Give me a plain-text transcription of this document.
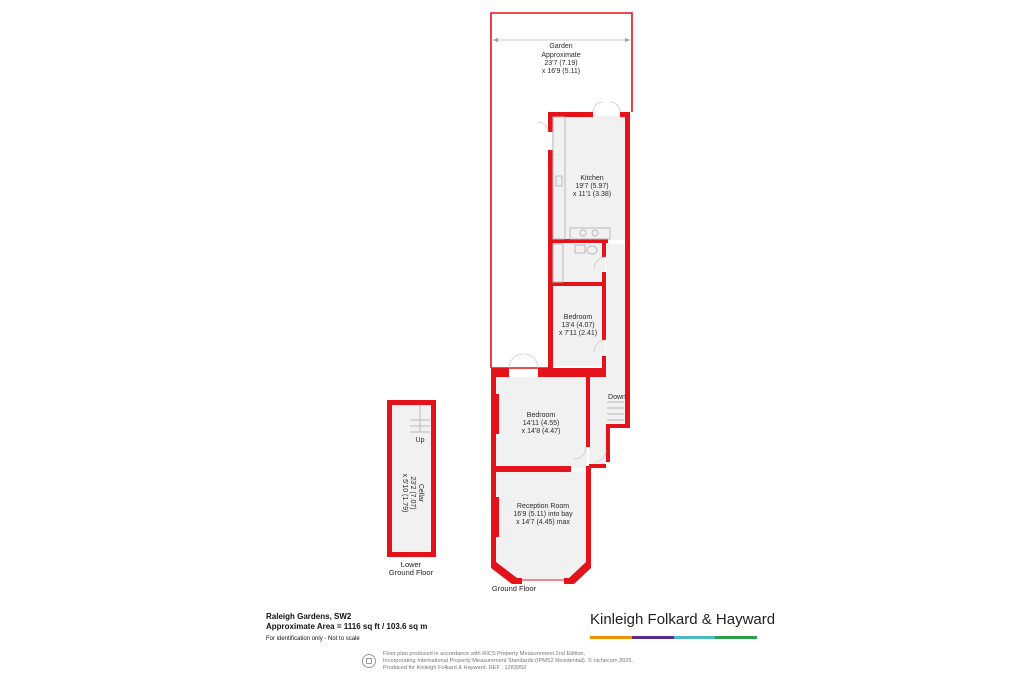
Garden
Approximate
23'7 (7.19)
x 16'9 (5.11)
Kitchen
19'7 (5.97)
x 11'1 (3.38)
Bedroom
13'4 (4.07)
x 7'11 (2.41)
Bedroom
14'11 (4.55)
x 14'8 (4.47)
Reception Room
16'9 (5.11) into bay
x 14'7 (4.45) max
Cellar
23'2 (7.07)
x 5'10 (1.79)
Down
Up
Lower
Ground Floor
Ground Floor
Raleigh Gardens, SW2
Approximate Area = 1116 sq ft / 103.6 sq m
For identification only - Not to scale
Kinleigh Folkard & Hayward
Floor plan produced in accordance with RICS Property Measurement 2nd Edition,
Incorporating International Property Measurement Standards (IPMS2 Residential). © nichecom 2025.
Produced for Kinleigh Folkard & Hayward. REF : 1283952
